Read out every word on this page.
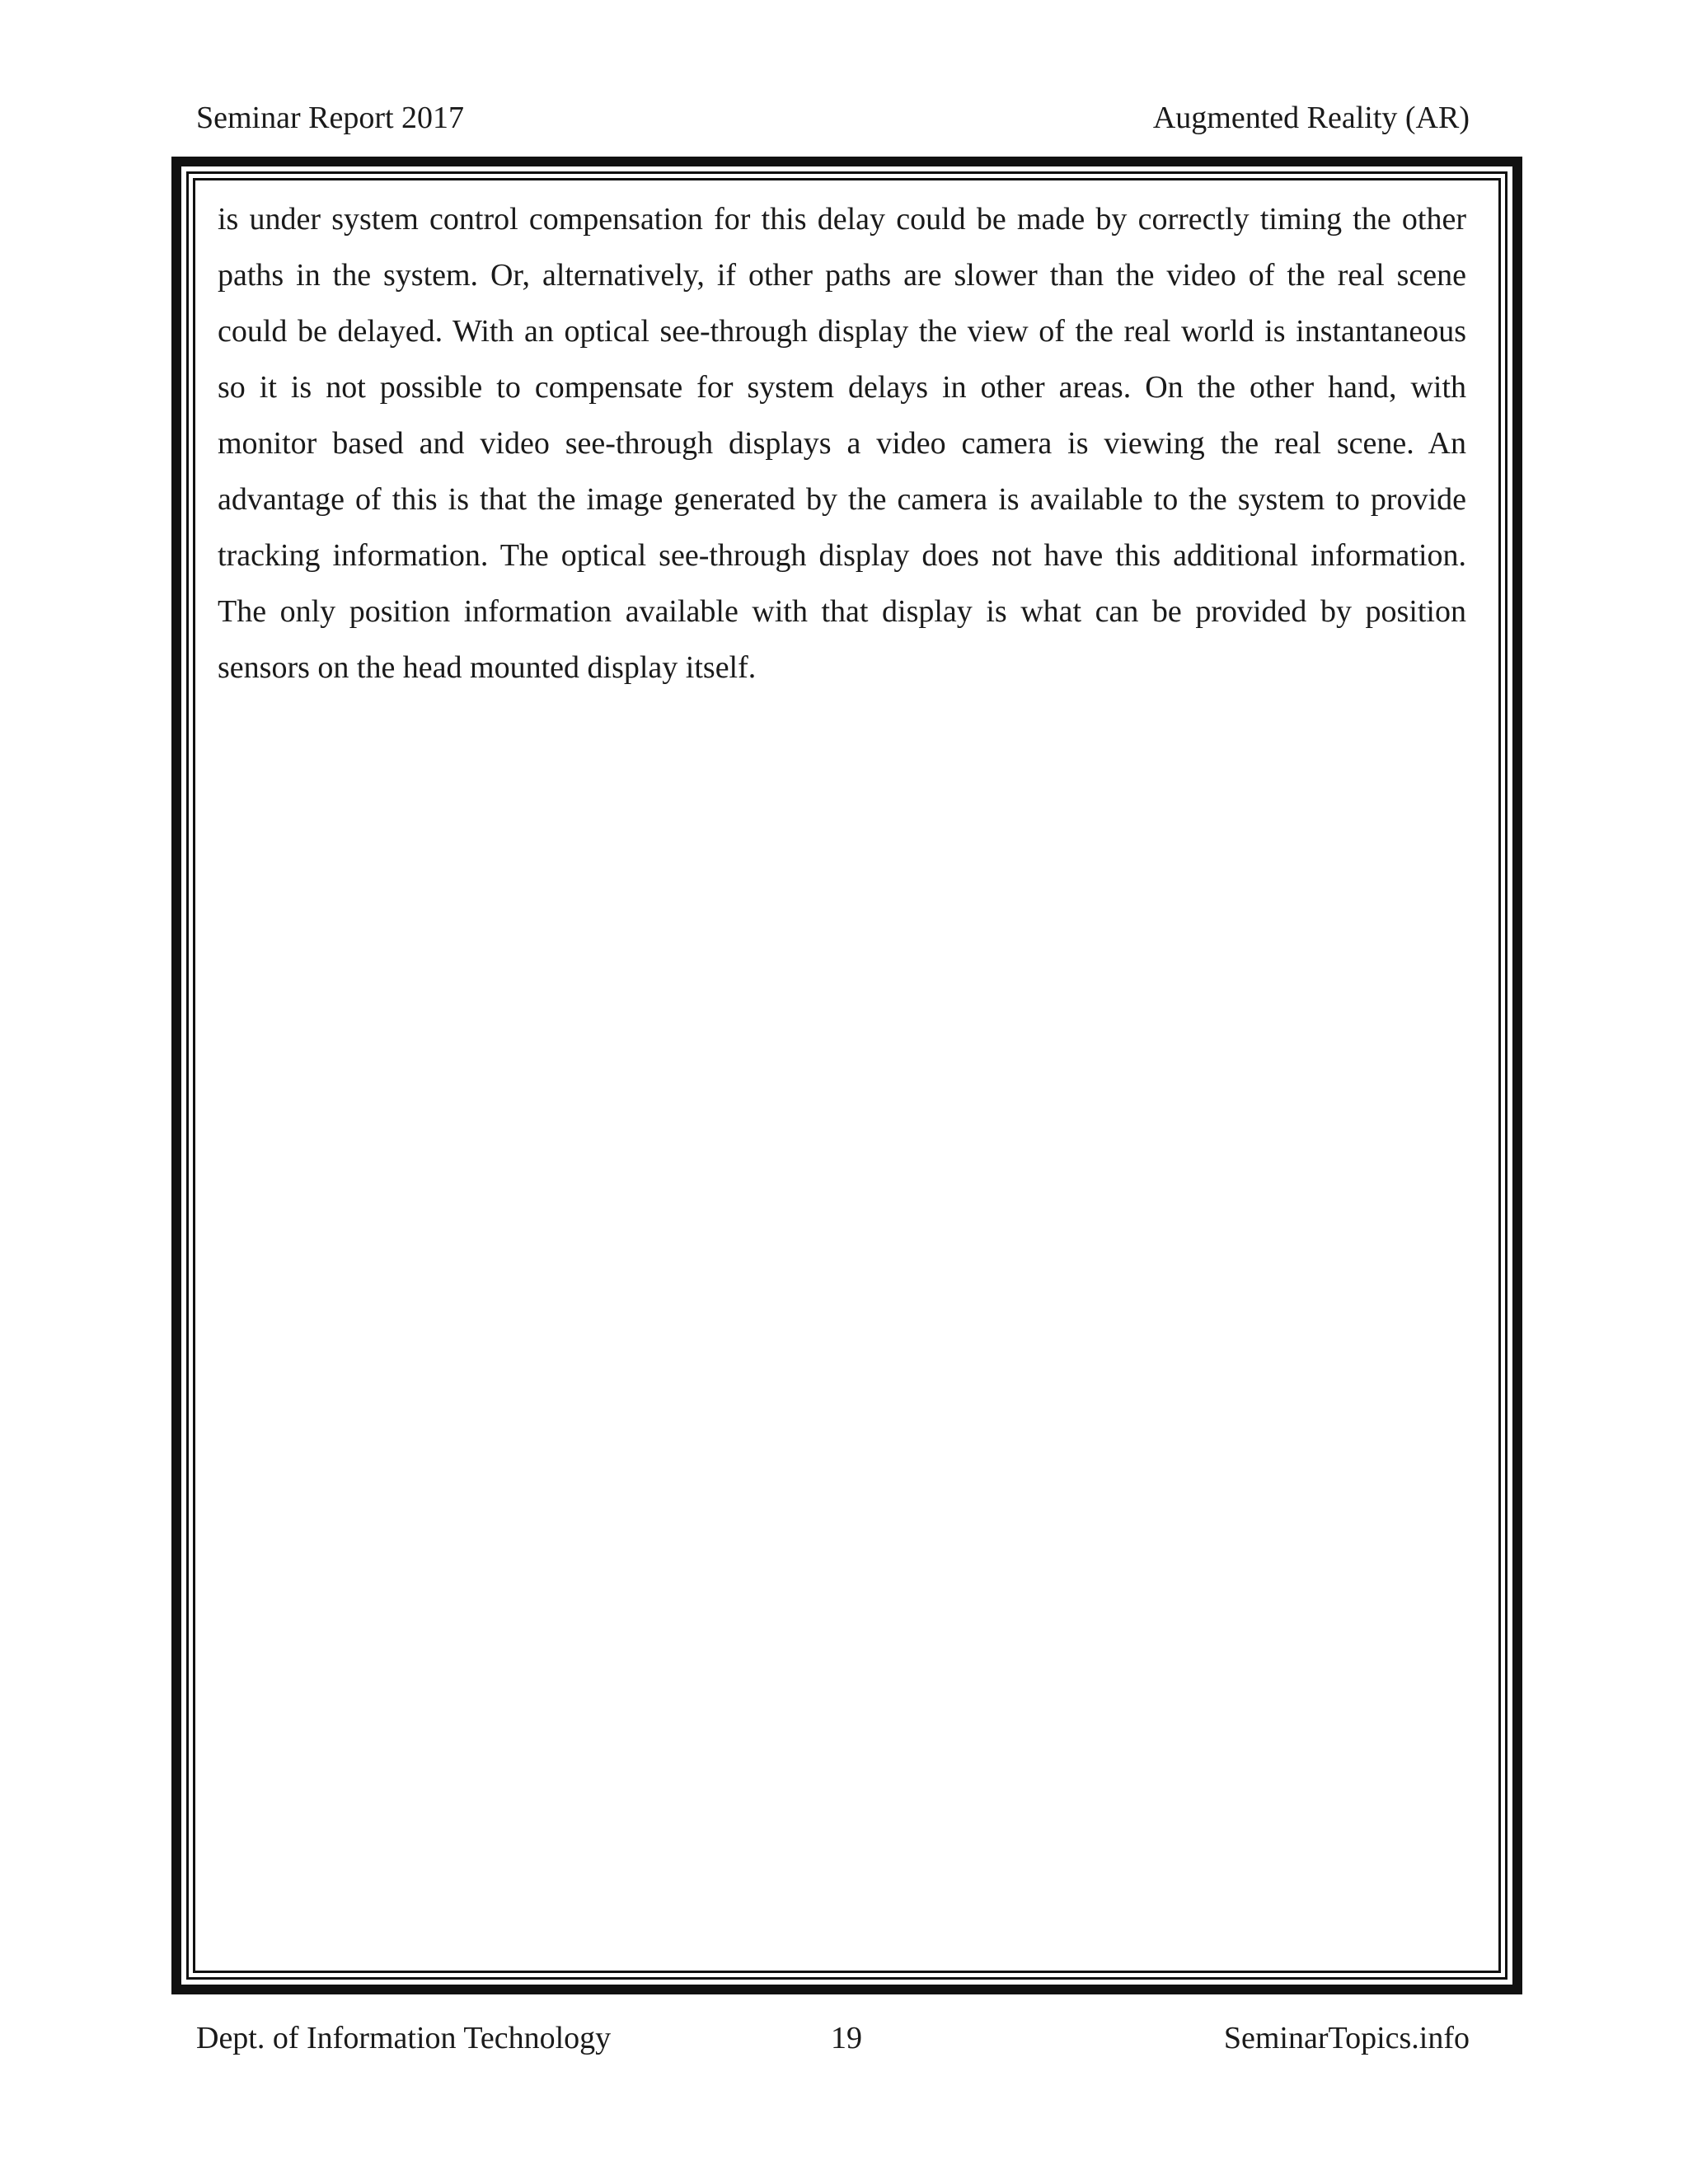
Seminar Report 2017	Augmented Reality (AR)
is under system control compensation for this delay could be made by correctly timing the other
paths in the system. Or, alternatively, if other paths are slower than the video of the real scene
could be delayed. With an optical see-through display the view of the real world is instantaneous
so it is not possible to compensate for system delays in other areas. On the other hand, with
monitor based and video see-through displays a video camera is viewing the real scene. An
advantage of this is that the image generated by the camera is available to the system to provide
tracking information. The optical see-through display does not have this additional information.
The only position information available with that display is what can be provided by position
sensors on the head mounted display itself.
Dept. of Information Technology	19	SeminarTopics.info
